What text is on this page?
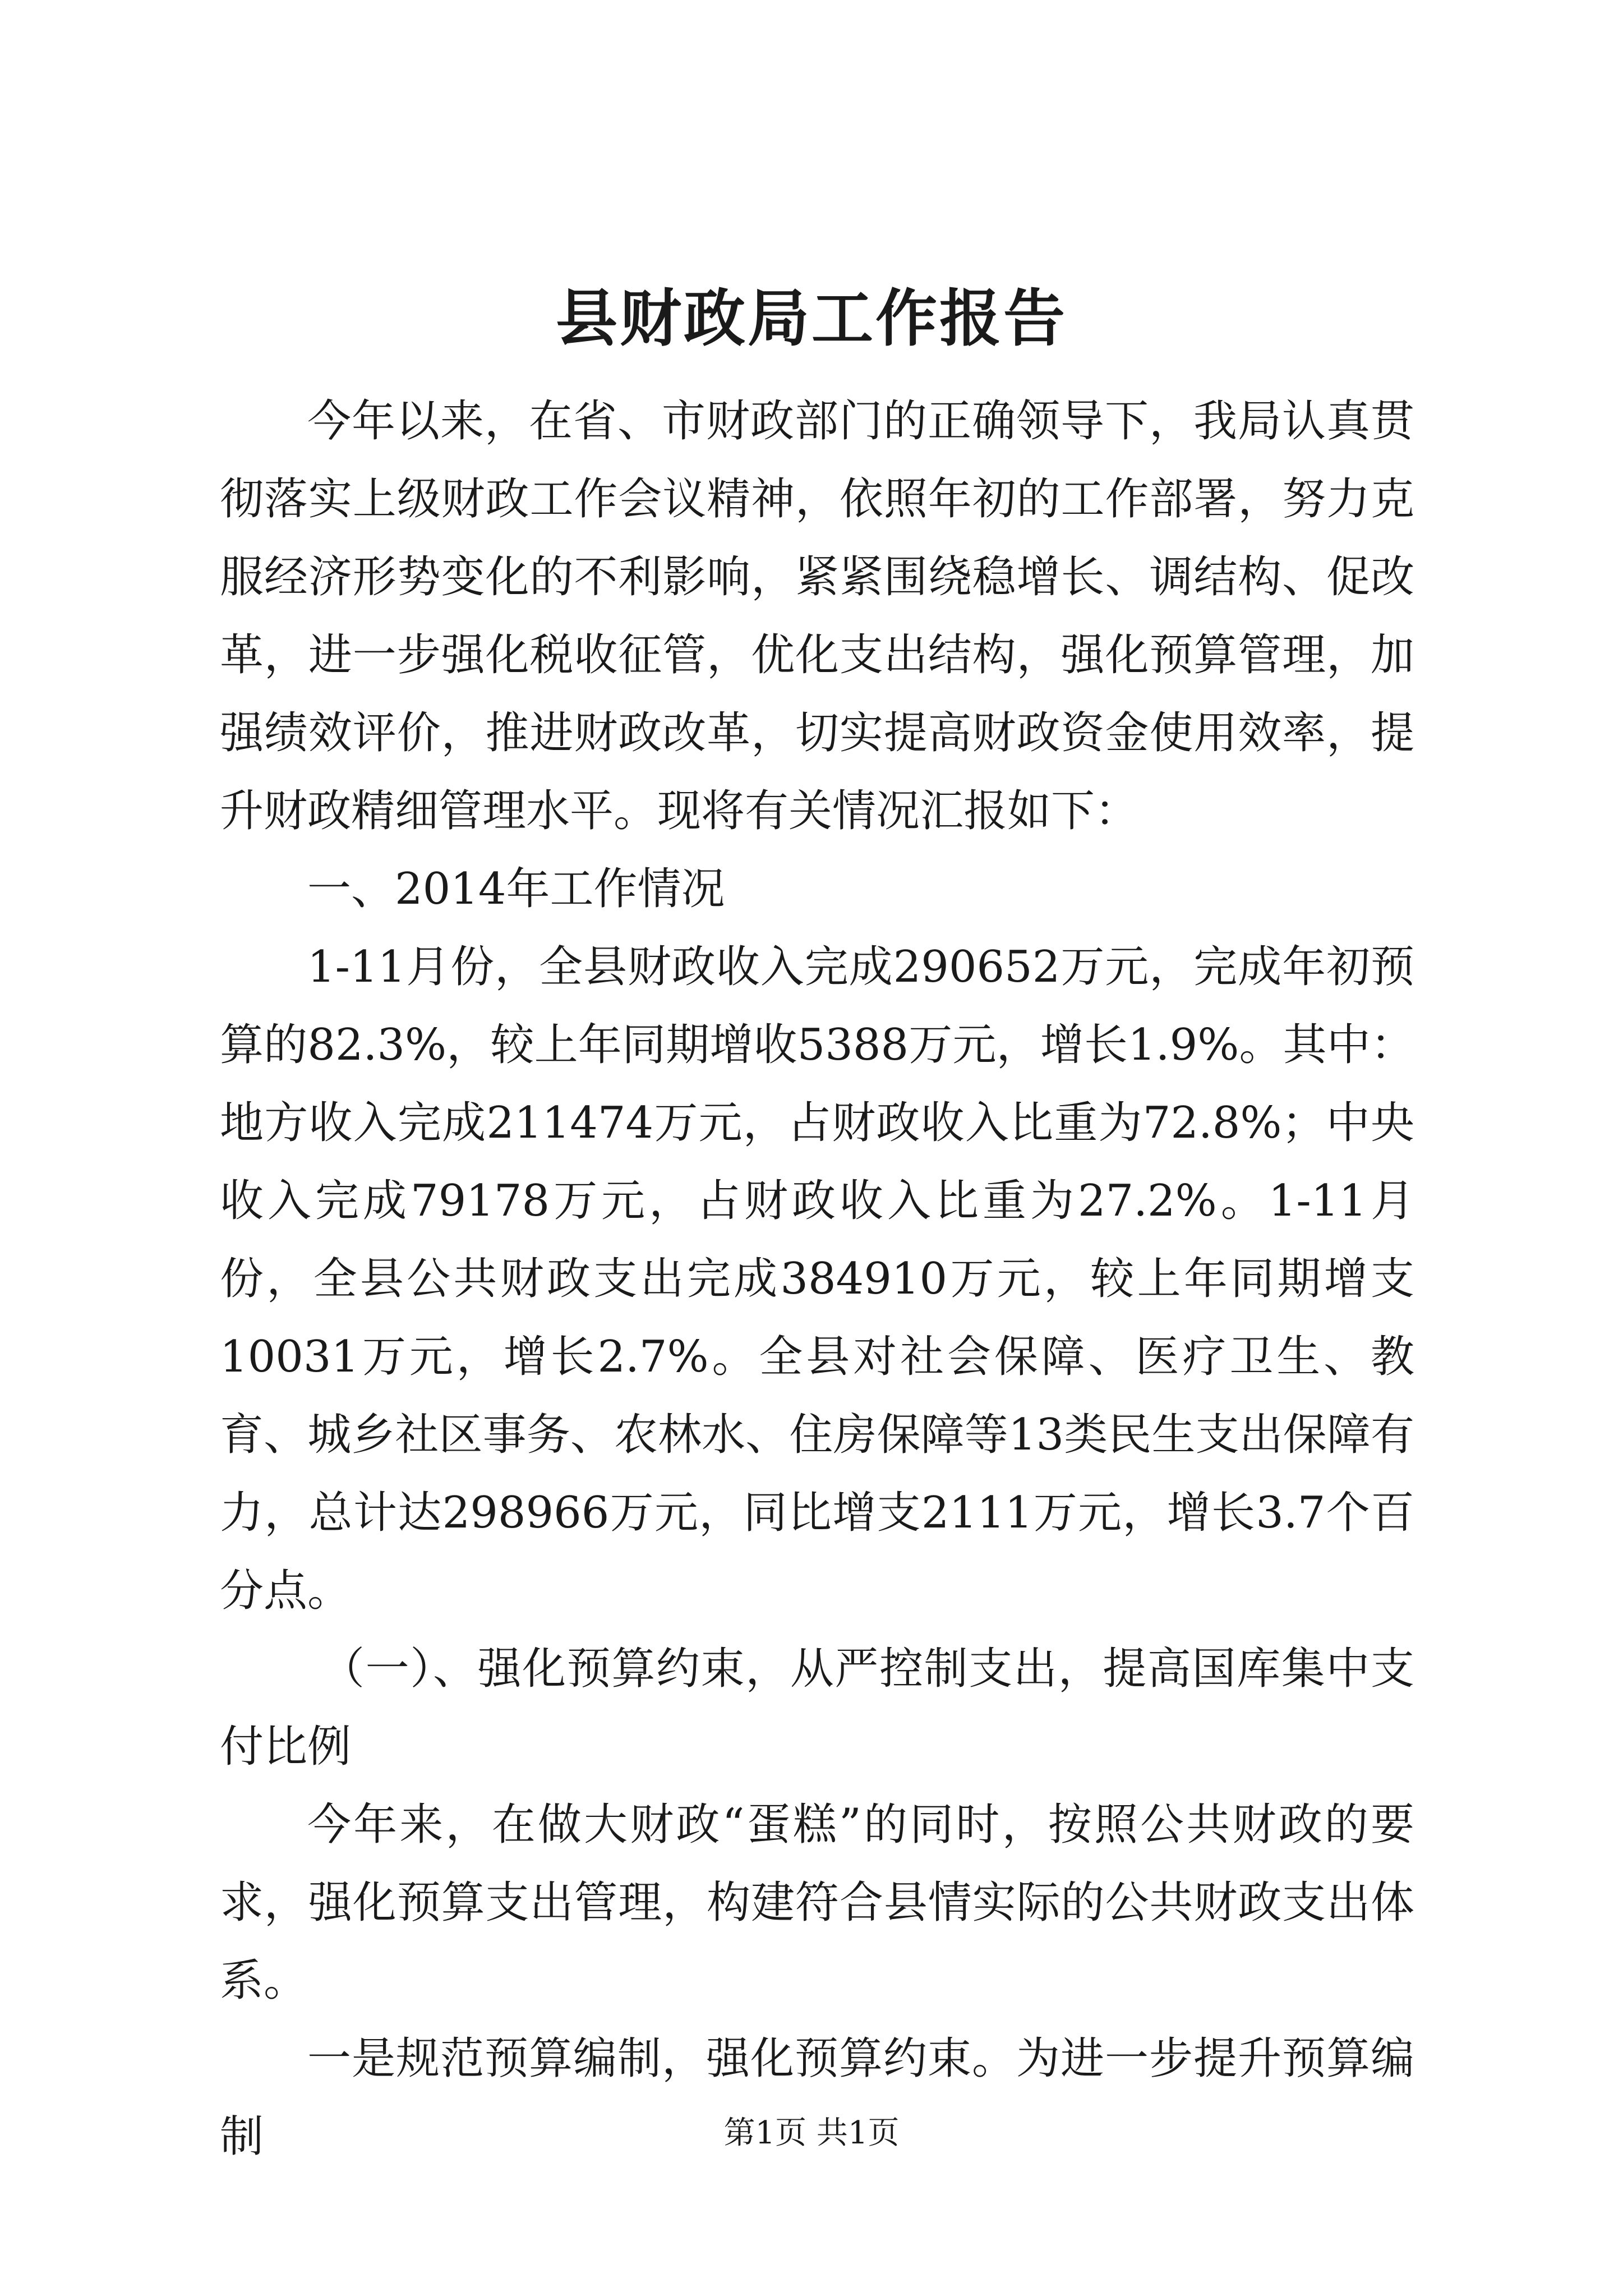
县财政局工作报告

今年以来，在省、市财政部门的正确领导下，我局认真贯彻落实上级财政工作会议精神，依照年初的工作部署，努力克服经济形势变化的不利影响，紧紧围绕稳增长、调结构、促改革，进一步强化税收征管，优化支出结构，强化预算管理，加强绩效评价，推进财政改革，切实提高财政资金使用效率，提升财政精细管理水平。现将有关情况汇报如下：

一、2014年工作情况

1-11月份，全县财政收入完成290652万元，完成年初预算的82.3%，较上年同期增收5388万元，增长1.9%。其中：地方收入完成211474万元，占财政收入比重为72.8%；中央收入完成79178万元，占财政收入比重为27.2%。1-11月份，全县公共财政支出完成384910万元，较上年同期增支10031万元，增长2.7%。全县对社会保障、医疗卫生、教育、城乡社区事务、农林水、住房保障等13类民生支出保障有力，总计达298966万元，同比增支2111万元，增长3.7个百分点。

（一）、强化预算约束，从严控制支出，提高国库集中支付比例

今年来，在做大财政“蛋糕”的同时，按照公共财政的要求，强化预算支出管理，构建符合县情实际的公共财政支出体系。

一是规范预算编制，强化预算约束。为进一步提升预算编制	第1页 共1页
